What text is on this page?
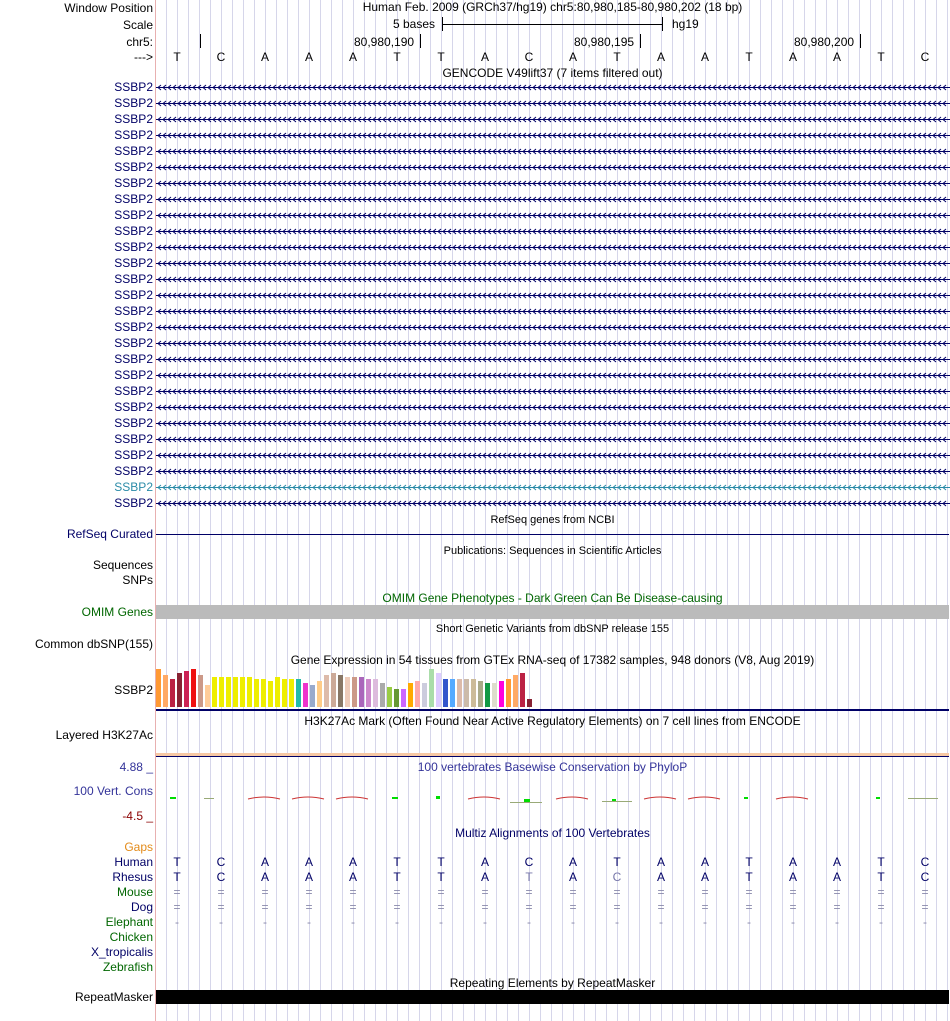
Window Position	Human Feb. 2009 (GRCh37/hg19) chr5:80,980,185-80,980,202 (18 bp)
Scale	5 bases	hg19
chr5:	80,980,190	80,980,195	80,980,200
---> T	C	A	A	A	T	T	A	C	A	T	A	A	T	A	A	T	C
GENCODE V49lift37 (7 items filtered out)
SSBP2
SSBP2
SSBP2
SSBP2
SSBP2
SSBP2
SSBP2
SSBP2
SSBP2
SSBP2
SSBP2
SSBP2
SSBP2
SSBP2
SSBP2
SSBP2
SSBP2
SSBP2
SSBP2
SSBP2
SSBP2
SSBP2
SSBP2
SSBP2
SSBP2
SSBP2
SSBP2
RefSeq genes from NCBI
RefSeq Curated
Publications: Sequences in Scientific Articles
Sequences
SNPs
OMIM Gene Phenotypes - Dark Green Can Be Disease-causing
OMIM Genes
Short Genetic Variants from dbSNP release 155
Common dbSNP(155)
Gene Expression in 54 tissues from GTEx RNA-seq of 17382 samples, 948 donors (V8, Aug 2019)
SSBP2
H3K27Ac Mark (Often Found Near Active Regulatory Elements) on 7 cell lines from ENCODE
Layered H3K27Ac
4.88 _	100 vertebrates Basewise Conservation by PhyloP
100 Vert. Cons
-4.5 _
Multiz Alignments of 100 Vertebrates
Gaps
Human T	C	A	A	A	T	T	A	C	A	T	A	A	T	A	A	T	C
Rhesus T	C	A	A	A	T	T	A	T	A	C	A	A	T	A	A	T	C
Mouse =	=	=	=	=	=	=	=	=	=	=	=	=	=	=	=	=	=
Dog =	=	=	=	=	=	=	=	=	=	=	=	=	=	=	=	=	=
Elephant -	-	-	-	-	-	-	-	-	-	-	-	-	-	-	-	-	-
Chicken
X_tropicalis
Zebrafish
Repeating Elements by RepeatMasker
RepeatMasker
